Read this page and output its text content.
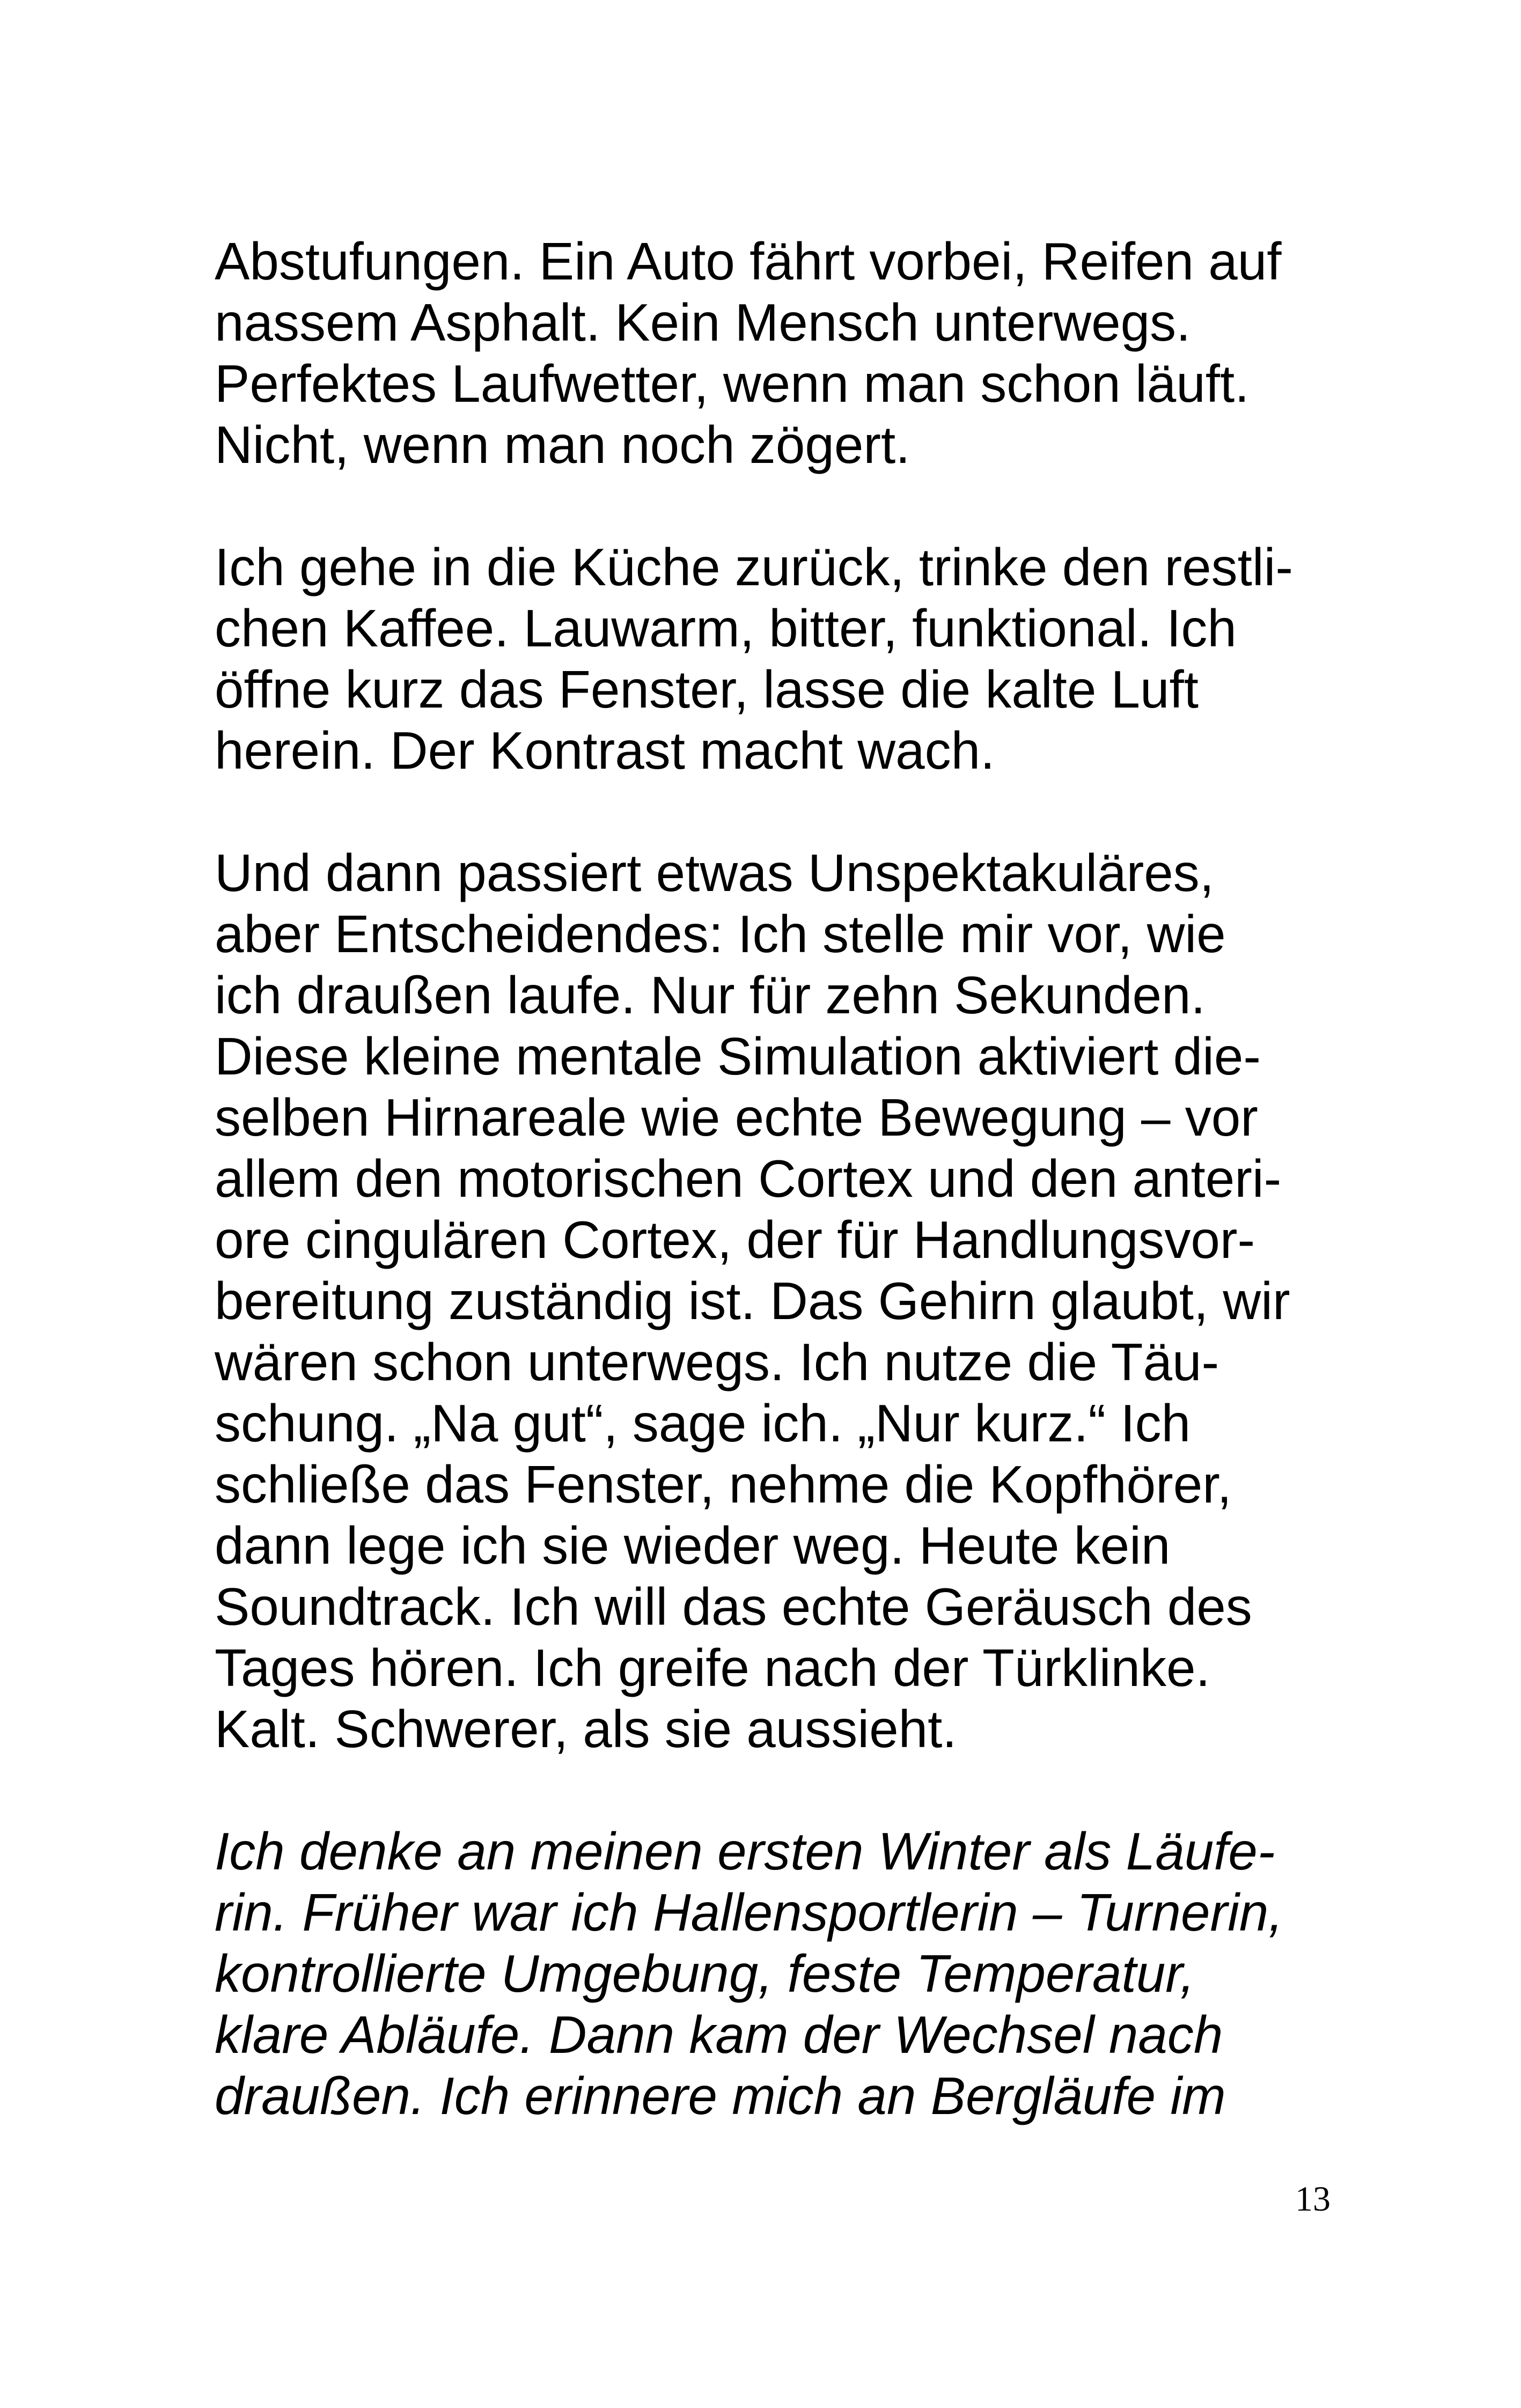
Abstufungen. Ein Auto fährt vorbei, Reifen auf
nassem Asphalt. Kein Mensch unterwegs.
Perfektes Laufwetter, wenn man schon läuft.
Nicht, wenn man noch zögert.

Ich gehe in die Küche zurück, trinke den restli-
chen Kaffee. Lauwarm, bitter, funktional. Ich
öffne kurz das Fenster, lasse die kalte Luft
herein. Der Kontrast macht wach.

Und dann passiert etwas Unspektakuläres,
aber Entscheidendes: Ich stelle mir vor, wie
ich draußen laufe. Nur für zehn Sekunden.
Diese kleine mentale Simulation aktiviert die-
selben Hirnareale wie echte Bewegung – vor
allem den motorischen Cortex und den anteri-
ore cingulären Cortex, der für Handlungsvor-
bereitung zuständig ist. Das Gehirn glaubt, wir
wären schon unterwegs. Ich nutze die Täu-
schung. „Na gut“, sage ich. „Nur kurz.“ Ich
schließe das Fenster, nehme die Kopfhörer,
dann lege ich sie wieder weg. Heute kein
Soundtrack. Ich will das echte Geräusch des
Tages hören. Ich greife nach der Türklinke.
Kalt. Schwerer, als sie aussieht.

Ich denke an meinen ersten Winter als Läufe-
rin. Früher war ich Hallensportlerin – Turnerin,
kontrollierte Umgebung, feste Temperatur,
klare Abläufe. Dann kam der Wechsel nach
draußen. Ich erinnere mich an Bergläufe im

13
